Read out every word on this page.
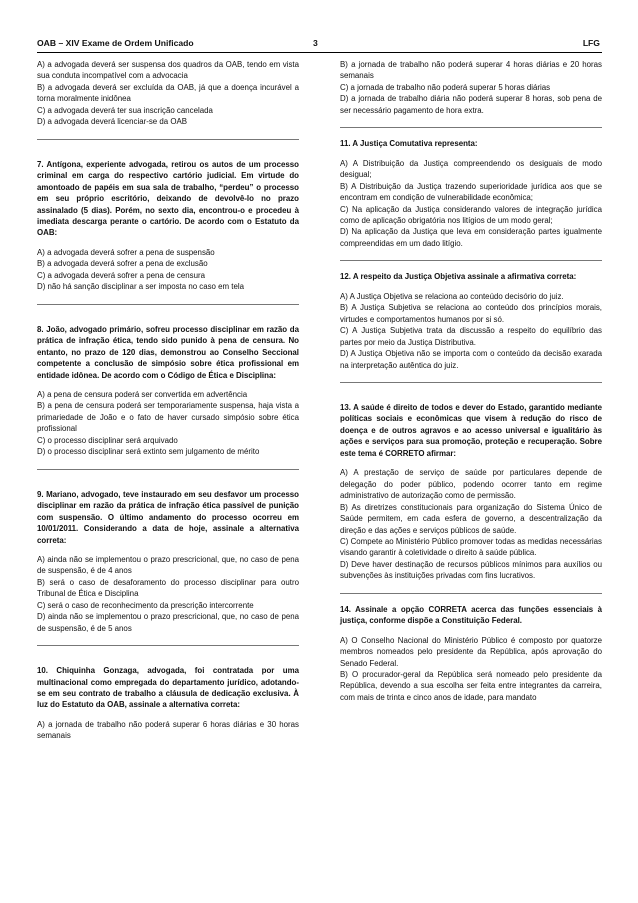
OAB – XIV Exame de Ordem Unificado	3	LFG

A) a advogada deverá ser suspensa dos quadros da OAB, tendo em vista sua conduta incompatível com a advocacia

B) a advogada deverá ser excluída da OAB, já que a doença incurável a torna moralmente inidônea

C) a advogada deverá ter sua inscrição cancelada

D) a advogada deverá licenciar-se da OAB

7. Antígona, experiente advogada, retirou os autos de um processo criminal em carga do respectivo cartório judicial. Em virtude do amontoado de papéis em sua sala de trabalho, “perdeu” o processo em seu próprio escritório, deixando de devolvê-lo no prazo assinalado (5 dias). Porém, no sexto dia, encontrou-o e procedeu à imediata descarga perante o cartório. De acordo com o Estatuto da OAB:

A) a advogada deverá sofrer a pena de suspensão

B) a advogada deverá sofrer a pena de exclusão

C) a advogada deverá sofrer a pena de censura

D) não há sanção disciplinar a ser imposta no caso em tela

8. João, advogado primário, sofreu processo disciplinar em razão da prática de infração ética, tendo sido punido à pena de censura. No entanto, no prazo de 120 dias, demonstrou ao Conselho Seccional competente a conclusão de simpósio sobre ética profissional em entidade idônea. De acordo com o Código de Ética e Disciplina:

A) a pena de censura poderá ser convertida em advertência

B) a pena de censura poderá ser temporariamente suspensa, haja vista a primariedade de João e o fato de haver cursado simpósio sobre ética profissional

C) o processo disciplinar será arquivado

D) o processo disciplinar será extinto sem julgamento de mérito

9. Mariano, advogado, teve instaurado em seu desfavor um processo disciplinar em razão da prática de infração ética passível de punição com suspensão. O último andamento do processo ocorreu em 10/01/2011. Considerando a data de hoje, assinale a alternativa correta:

A) ainda não se implementou o prazo prescricional, que, no caso de pena de suspensão, é de 4 anos

B) será o caso de desaforamento do processo disciplinar para outro Tribunal de Ética e Disciplina

C) será o caso de reconhecimento da prescrição intercorrente

D) ainda não se implementou o prazo prescricional, que, no caso de pena de suspensão, é de 5 anos

10. Chiquinha Gonzaga, advogada, foi contratada por uma multinacional como empregada do departamento jurídico, adotando-se em seu contrato de trabalho a cláusula de dedicação exclusiva. À luz do Estatuto da OAB, assinale a alternativa correta:

A) a jornada de trabalho não poderá superar 6 horas diárias e 30 horas semanais

B) a jornada de trabalho não poderá superar 4 horas diárias e 20 horas semanais

C) a jornada de trabalho não poderá superar 5 horas diárias

D) a jornada de trabalho diária não poderá superar 8 horas, sob pena de ser necessário pagamento de hora extra.

11. A Justiça Comutativa representa:

A) A Distribuição da Justiça compreendendo os desiguais de modo desigual;

B) A Distribuição da Justiça trazendo superioridade jurídica aos que se encontram em condição de vulnerabilidade econômica;

C) Na aplicação da Justiça considerando valores de integração jurídica como de aplicação obrigatória nos litígios de um modo geral;

D) Na aplicação da Justiça que leva em consideração partes igualmente compreendidas em um dado litígio.

12. A respeito da Justiça Objetiva assinale a afirmativa correta:

A) A Justiça Objetiva se relaciona ao conteúdo decisório do juiz.

B) A Justiça Subjetiva se relaciona ao conteúdo dos princípios morais, virtudes e comportamentos humanos por si só.

C) A Justiça Subjetiva trata da discussão a respeito do equilíbrio das partes por meio da Justiça Distributiva.

D) A Justiça Objetiva não se importa com o conteúdo da decisão exarada na interpretação autêntica do juiz.

13. A saúde é direito de todos e dever do Estado, garantido mediante políticas sociais e econômicas que visem à redução do risco de doença e de outros agravos e ao acesso universal e igualitário às ações e serviços para sua promoção, proteção e recuperação. Sobre este tema é CORRETO afirmar:

A) A prestação de serviço de saúde por particulares depende de delegação do poder público, podendo ocorrer tanto em regime administrativo de autorização como de permissão.

B) As diretrizes constitucionais para organização do Sistema Único de Saúde permitem, em cada esfera de governo, a descentralização da direção e das ações e serviços públicos de saúde.

C) Compete ao Ministério Público promover todas as medidas necessárias visando garantir à coletividade o direito à saúde pública.

D) Deve haver destinação de recursos públicos mínimos para auxílios ou subvenções às instituições privadas com fins lucrativos.

14. Assinale a opção CORRETA acerca das funções essenciais à justiça, conforme dispõe a Constituição Federal.

A) O Conselho Nacional do Ministério Público é composto por quatorze membros nomeados pelo presidente da República, após aprovação do Senado Federal.

B) O procurador-geral da República será nomeado pelo presidente da República, devendo a sua escolha ser feita entre integrantes da carreira, com mais de trinta e cinco anos de idade, para mandato
